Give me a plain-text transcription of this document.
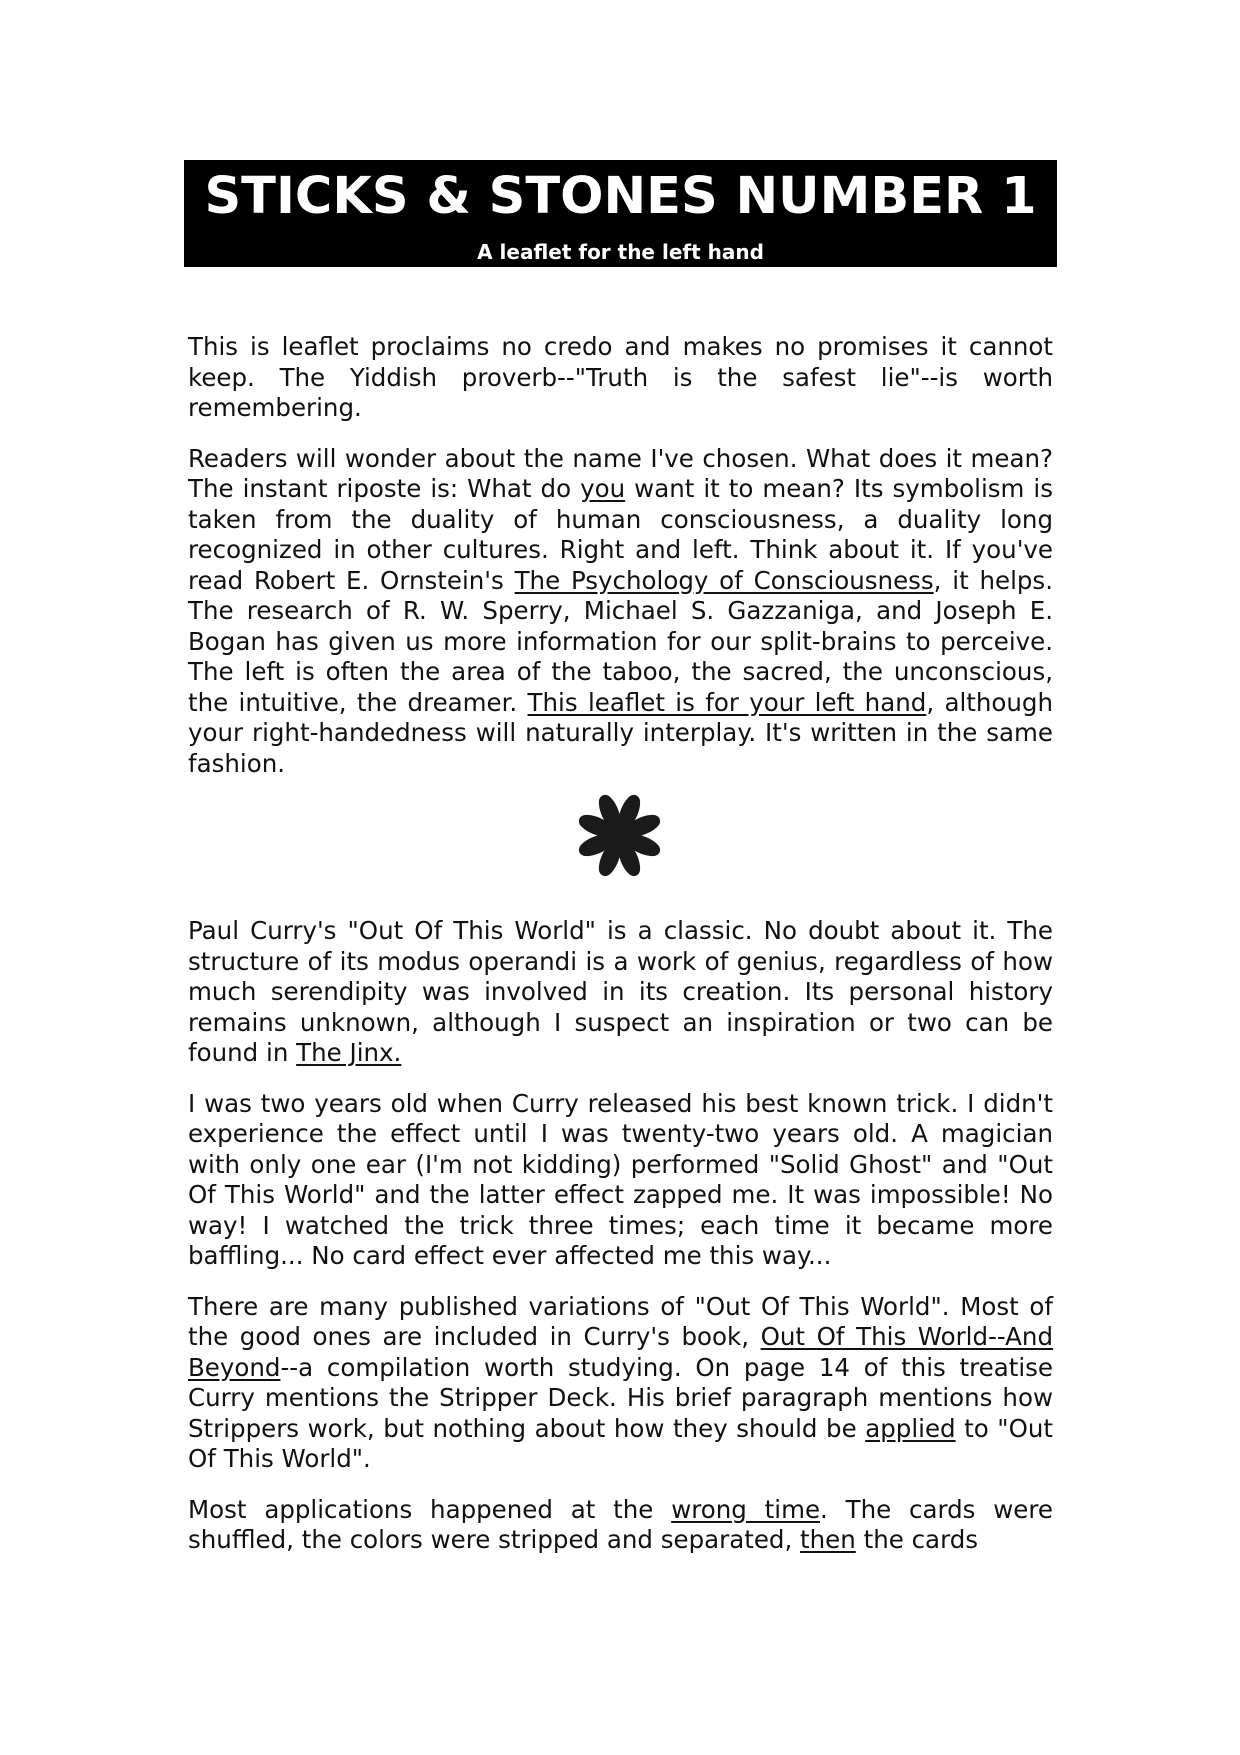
STICKS & STONES NUMBER 1
A leaflet for the left hand

This is leaflet proclaims no credo and makes no promises it cannot keep. The Yiddish proverb--"Truth is the safest lie"--is worth remembering.

Readers will wonder about the name I've chosen. What does it mean? The instant riposte is: What do you want it to mean? Its symbolism is taken from the duality of human consciousness, a duality long recognized in other cultures. Right and left. Think about it. If you've read Robert E. Ornstein's The Psychology of Consciousness, it helps. The research of R. W. Sperry, Michael S. Gazzaniga, and Joseph E. Bogan has given us more information for our split-brains to perceive. The left is often the area of the taboo, the sacred, the unconscious, the intuitive, the dreamer. This leaflet is for your left hand, although your right-handedness will naturally interplay. It's written in the same fashion.

Paul Curry's "Out Of This World" is a classic. No doubt about it. The structure of its modus operandi is a work of genius, regardless of how much serendipity was involved in its creation. Its personal history remains unknown, although I suspect an inspiration or two can be found in The Jinx.

I was two years old when Curry released his best known trick. I didn't experience the effect until I was twenty-two years old. A magician with only one ear (I'm not kidding) performed "Solid Ghost" and "Out Of This World" and the latter effect zapped me. It was impossible! No way! I watched the trick three times; each time it became more baffling... No card effect ever affected me this way...

There are many published variations of "Out Of This World". Most of the good ones are included in Curry's book, Out Of This World--And Beyond--a compilation worth studying. On page 14 of this treatise Curry mentions the Stripper Deck. His brief paragraph mentions how Strippers work, but nothing about how they should be applied to "Out Of This World".

Most applications happened at the wrong time. The cards were shuffled, the colors were stripped and separated, then the cards
